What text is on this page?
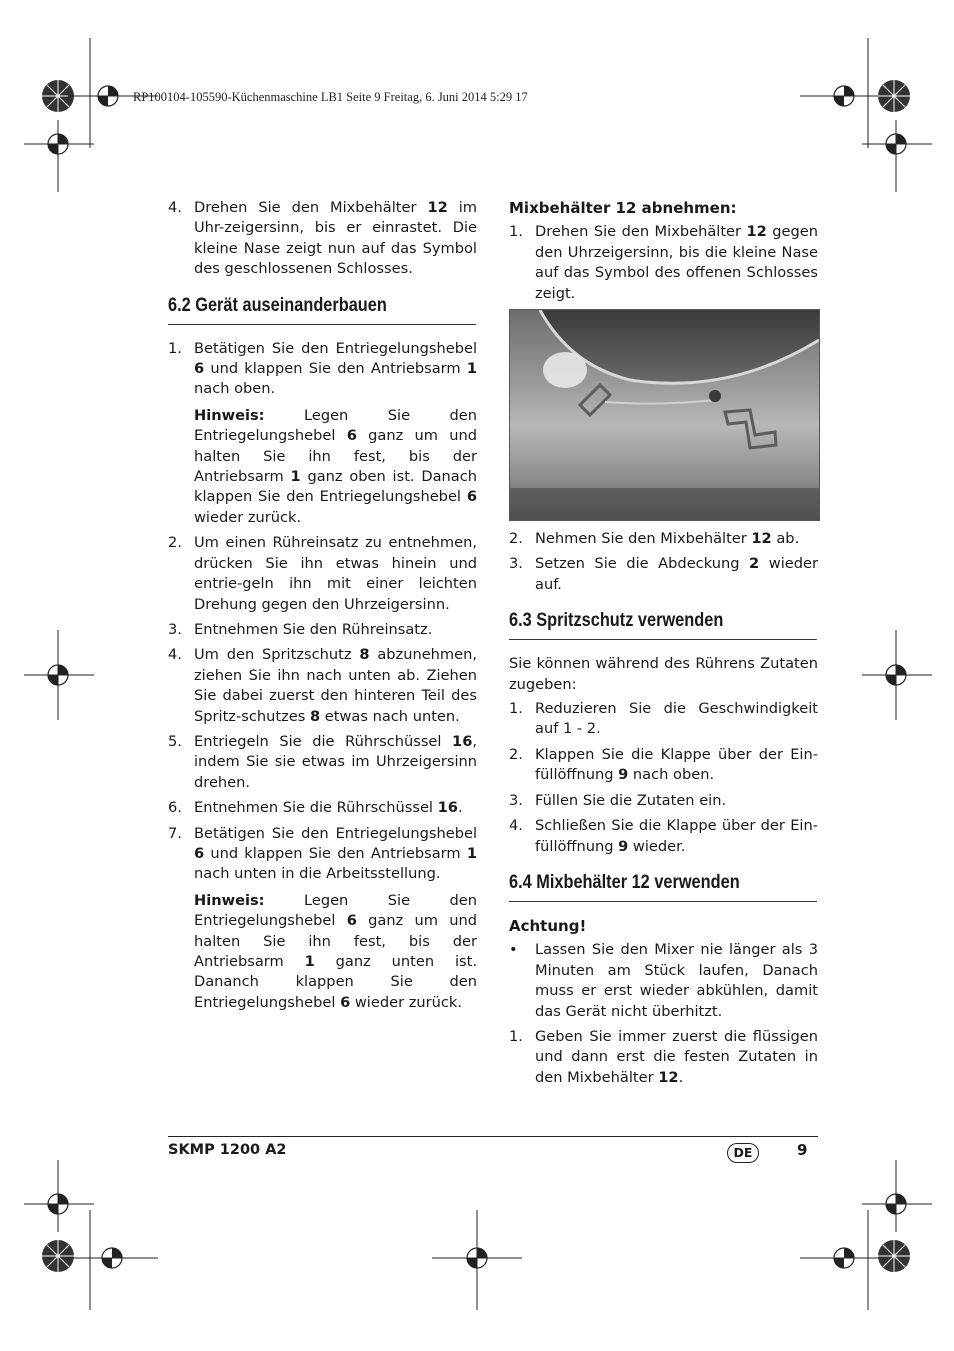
RP100104-105590-Küchenmaschine LB1 Seite 9 Freitag, 6. Juni 2014 5:29 17
4. Drehen Sie den Mixbehälter 12 im Uhr-zeigersinn, bis er einrastet. Die kleine Nase zeigt nun auf das Symbol des geschlossenen Schlosses.
6.2 Gerät auseinanderbauen
1. Betätigen Sie den Entriegelungshebel 6 und klappen Sie den Antriebsarm 1 nach oben.
Hinweis: Legen Sie den Entriegelungshebel 6 ganz um und halten Sie ihn fest, bis der Antriebsarm 1 ganz oben ist. Danach klappen Sie den Entriegelungshebel 6 wieder zurück.
2. Um einen Rühreinsatz zu entnehmen, drücken Sie ihn etwas hinein und entrie-geln ihn mit einer leichten Drehung gegen den Uhrzeigersinn.
3. Entnehmen Sie den Rühreinsatz.
4. Um den Spritzschutz 8 abzunehmen, ziehen Sie ihn nach unten ab. Ziehen Sie dabei zuerst den hinteren Teil des Spritz-schutzes 8 etwas nach unten.
5. Entriegeln Sie die Rührschüssel 16, indem Sie sie etwas im Uhrzeigersinn drehen.
6. Entnehmen Sie die Rührschüssel 16.
7. Betätigen Sie den Entriegelungshebel 6 und klappen Sie den Antriebsarm 1 nach unten in die Arbeitsstellung.
Hinweis: Legen Sie den Entriegelungshebel 6 ganz um und halten Sie ihn fest, bis der Antriebsarm 1 ganz unten ist. Dananch klappen Sie den Entriegelungshebel 6 wieder zurück.
Mixbehälter 12 abnehmen:
1. Drehen Sie den Mixbehälter 12 gegen den Uhrzeigersinn, bis die kleine Nase auf das Symbol des offenen Schlosses zeigt.
2. Nehmen Sie den Mixbehälter 12 ab.
3. Setzen Sie die Abdeckung 2 wieder auf.
6.3 Spritzschutz verwenden
Sie können während des Rührens Zutaten zugeben:
1. Reduzieren Sie die Geschwindigkeit auf 1 - 2.
2. Klappen Sie die Klappe über der Ein-füllöffnung 9 nach oben.
3. Füllen Sie die Zutaten ein.
4. Schließen Sie die Klappe über der Ein-füllöffnung 9 wieder.
6.4 Mixbehälter 12 verwenden
Achtung!
• Lassen Sie den Mixer nie länger als 3 Minuten am Stück laufen, Danach muss er erst wieder abkühlen, damit das Gerät nicht überhitzt.
1. Geben Sie immer zuerst die flüssigen und dann erst die festen Zutaten in den Mixbehälter 12.
SKMP 1200 A2	DE	9
